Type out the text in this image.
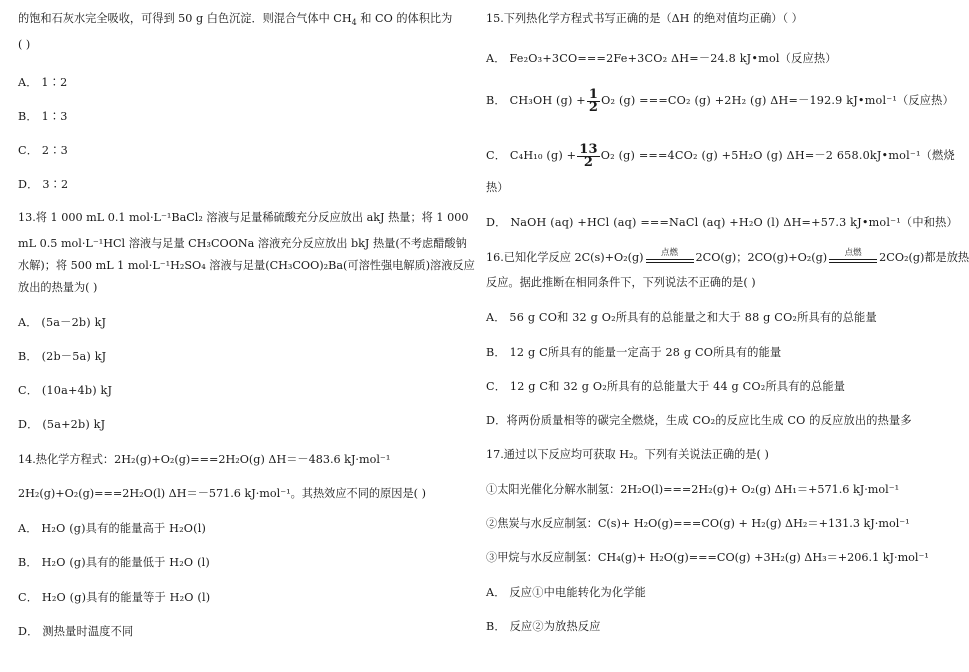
的饱和石灰水完全吸收，可得到 50 g 白色沉淀．则混合气体中 $CH_4$ 和 CO 的体积比为
( )
A． 1∶2
B． 1∶3
C． 2∶3
D． 3∶2
13.将 1 000 mL 0.1 mol·L⁻¹BaCl₂ 溶液与足量稀硫酸充分反应放出 akJ 热量；将 1 000
mL 0.5 mol·L⁻¹HCl 溶液与足量 CH₃COONa 溶液充分反应放出 bkJ 热量(不考虑醋酸钠
水解)；将 500 mL 1 mol·L⁻¹H₂SO₄ 溶液与足量(CH₃COO)₂Ba(可溶性强电解质)溶液反应
放出的热量为( )
A． (5a－2b) kJ
B． (2b－5a) kJ
C． (10a+4b) kJ
D． (5a+2b) kJ
14.热化学方程式：2H₂(g)+O₂(g)===2H₂O(g) ΔH＝－483.6 kJ·mol⁻¹
2H₂(g)+O₂(g)===2H₂O(l) ΔH＝－571.6 kJ·mol⁻¹。其热效应不同的原因是( )
A． H₂O (g)具有的能量高于 H₂O(l)
B． H₂O (g)具有的能量低于 H₂O (l)
C． H₂O (g)具有的能量等于 H₂O (l)
D． 测热量时温度不同
15.下列热化学方程式书写正确的是（ΔH 的绝对值均正确）（ ）
A． Fe₂O₃+3CO===2Fe+3CO₂ ΔH=－24.8 kJ•mol（反应热）
B． CH₃OH $(g) + \frac{1}{2} O_2$ (g) ===CO₂ (g) +2H₂ (g) ΔH=－192.9 kJ•mol⁻¹（反应热）
C． C₄H₁₀ $(g) + \frac{13}{2} O_2$ (g) ===4CO₂ (g) +5H₂O (g) ΔH=－2 658.0kJ•mol⁻¹（燃烧
热）
D． NaOH (aq) +HCl (aq) ===NaCl (aq) +H₂O (l) ΔH=+57.3 kJ•mol⁻¹（中和热）
16.已知化学反应 2C(s)+O₂(g)	点燃	2CO(g)；2CO(g)+O₂(g)	点燃	2CO₂(g)都是放热
反应。据此推断在相同条件下，下列说法不正确的是( )
A． 56 g CO和 32 g O₂所具有的总能量之和大于 88 g CO₂所具有的总能量
B． 12 g C所具有的能量一定高于 28 g CO所具有的能量
C． 12 g C和 32 g O₂所具有的总能量大于 44 g CO₂所具有的总能量
D．将两份质量相等的碳完全燃烧，生成 CO₂的反应比生成 CO 的反应放出的热量多
17.通过以下反应均可获取 H₂。下列有关说法正确的是( )
①太阳光催化分解水制氢：2H₂O(l)===2H₂(g)+ O₂(g) ΔH₁＝+571.6 kJ·mol⁻¹
②焦炭与水反应制氢：C(s)+ H₂O(g)===CO(g) + H₂(g) ΔH₂＝+131.3 kJ·mol⁻¹
③甲烷与水反应制氢：CH₄(g)+ H₂O(g)===CO(g) +3H₂(g) ΔH₃＝+206.1 kJ·mol⁻¹
A． 反应①中电能转化为化学能
B． 反应②为放热反应
